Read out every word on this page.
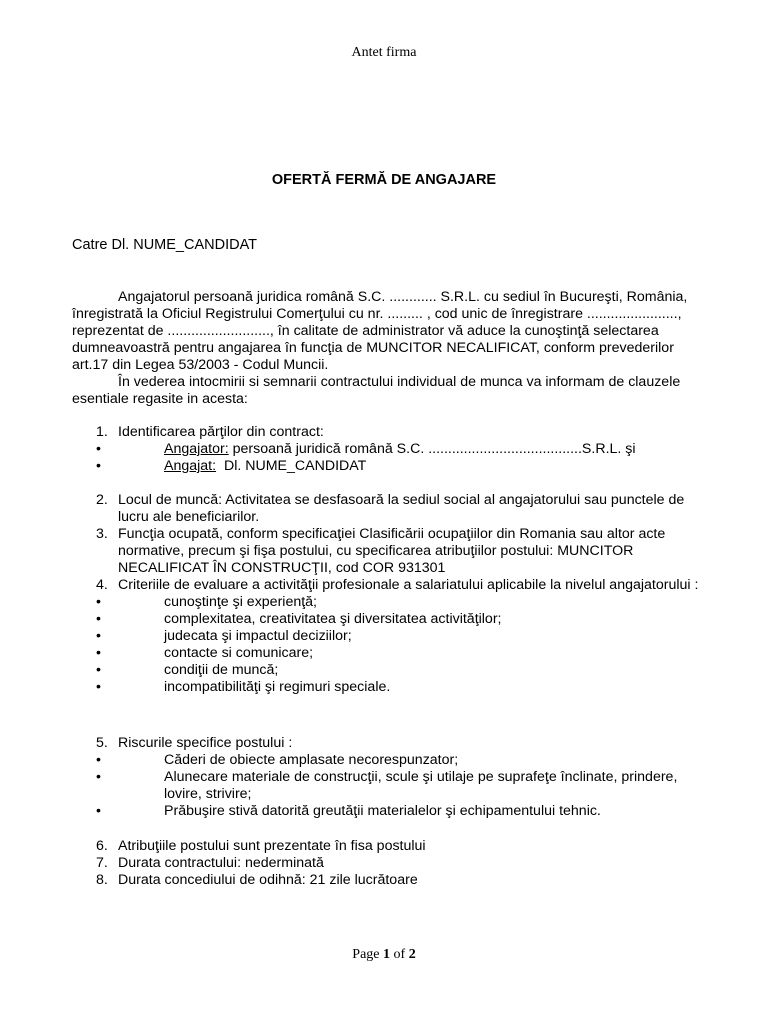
Antet firma
OFERTĂ FERMĂ DE ANGAJARE
Catre Dl. NUME_CANDIDAT

Angajatorul persoană juridica română S.C. ............ S.R.L. cu sediul în Bucureşti, România, înregistrată la Oficiul Registrului Comerţului cu nr. ......... , cod unic de înregistrare ......................., reprezentat de .........................., în calitate de administrator vă aduce la cunoştinţă selectarea dumneavoastră pentru angajarea în funcţia de MUNCITOR NECALIFICAT, conform prevederilor art.17 din Legea 53/2003 - Codul Muncii.

În vederea intocmirii si semnarii contractului individual de munca va informam de clauzele esentiale regasite in acesta:

1. Identificarea părţilor din contract:
• Angajator: persoană juridică română S.C. .......................................S.R.L. şi
• Angajat:  Dl. NUME_CANDIDAT
2. Locul de muncă: Activitatea se desfasoară la sediul social al angajatorului sau punctele de lucru ale beneficiarilor.
3. Funcţia ocupată, conform specificaţiei Clasificării ocupaţiilor din Romania sau altor acte normative, precum şi fişa postului, cu specificarea atribuţiilor postului: MUNCITOR NECALIFICAT ÎN CONSTRUCŢII, cod COR 931301
4. Criteriile de evaluare a activităţii profesionale a salariatului aplicabile la nivelul angajatorului :
• cunoştinţe şi experienţă;
• complexitatea, creativitatea şi diversitatea activităţilor;
• judecata şi impactul deciziilor;
• contacte si comunicare;
• condiţii de muncă;
• incompatibilităţi şi regimuri speciale.
5. Riscurile specifice postului :
• Căderi de obiecte amplasate necorespunzator;
• Alunecare materiale de construcţii, scule şi utilaje pe suprafeţe înclinate, prindere, lovire, strivire;
• Prăbuşire stivă datorită greutăţii materialelor şi echipamentului tehnic.
6. Atribuţiile postului sunt prezentate în fisa postului
7. Durata contractului: nederminată
8. Durata concediului de odihnă: 21 zile lucrătoare
Page 1 of 2
